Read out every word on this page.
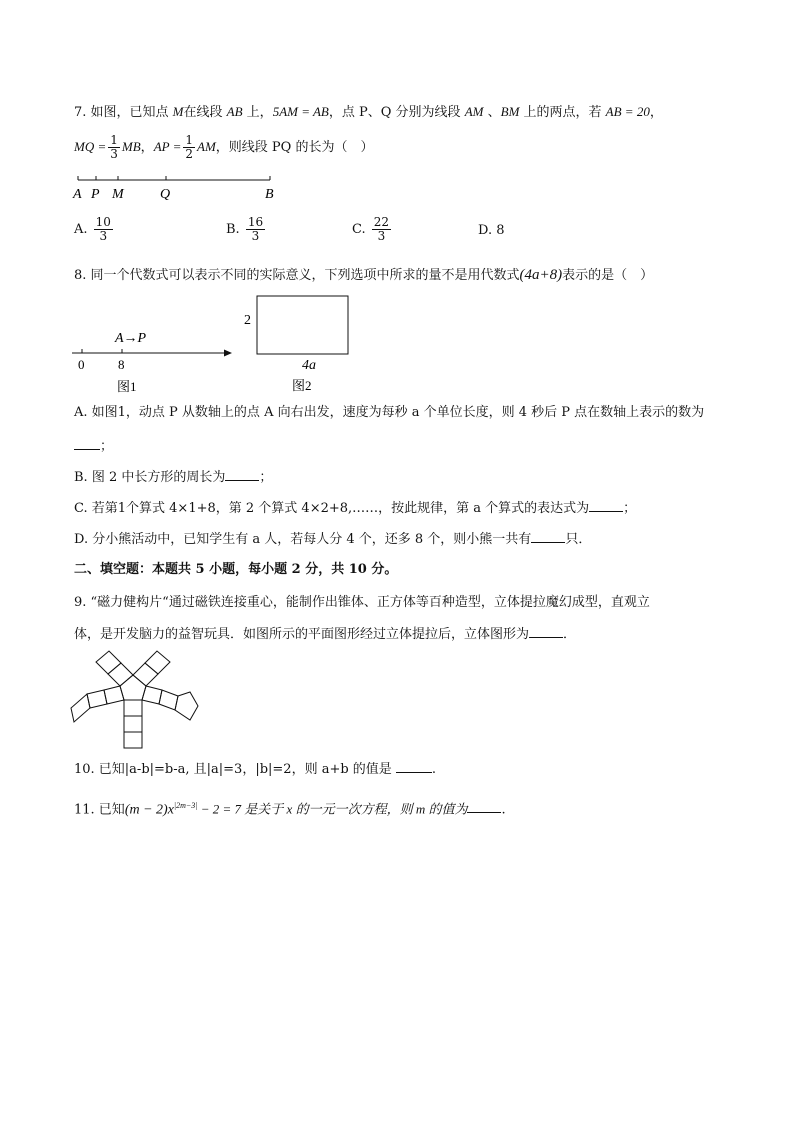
7. 如图，已知点 M在线段 AB 上，5AM = AB，点 P、Q 分别为线段 AM 、BM 上的两点，若 AB = 20，
MQ = $\frac{1}{3}$ MB，AP = $\frac{1}{2}$ AM，则线段 PQ 的长为（　）
A P M	Q	B
A. $\frac{10}{3}$	B. $\frac{16}{3}$	C. $\frac{22}{3}$	D. 8
8. 同一个代数式可以表示不同的实际意义，下列选项中所求的量不是用代数式(4a+8)表示的是（　）
A→P
0	8
图1
2
4a
图2
A. 如图1，动点 P 从数轴上的点 A 向右出发，速度为每秒 a 个单位长度，则 4 秒后 P 点在数轴上表示的数为
；
B. 图 2 中长方形的周长为	；
C. 若第1个算式 4×1+8，第 2 个算式 4×2+8,……，按此规律，第 a 个算式的表达式为	；
D. 分小熊活动中，已知学生有 a 人，若每人分 4 个，还多 8 个，则小熊一共有	只．
二、填空题：本题共 5 小题，每小题 2 分，共 10 分。
9. “磁力健构片“通过磁铁连接重心，能制作出锥体、正方体等百种造型，立体提拉魔幻成型，直观立
体，是开发脑力的益智玩具．如图所示的平面图形经过立体提拉后，立体图形为	．
10. 已知|a-b|=b-a, 且|a|=3，|b|=2，则 a+b 的值是	.
11. 已知$(m - 2)x^{|2m-3|} - 2 = 7$ 是关于 x 的一元一次方程，则 m 的值为	.
